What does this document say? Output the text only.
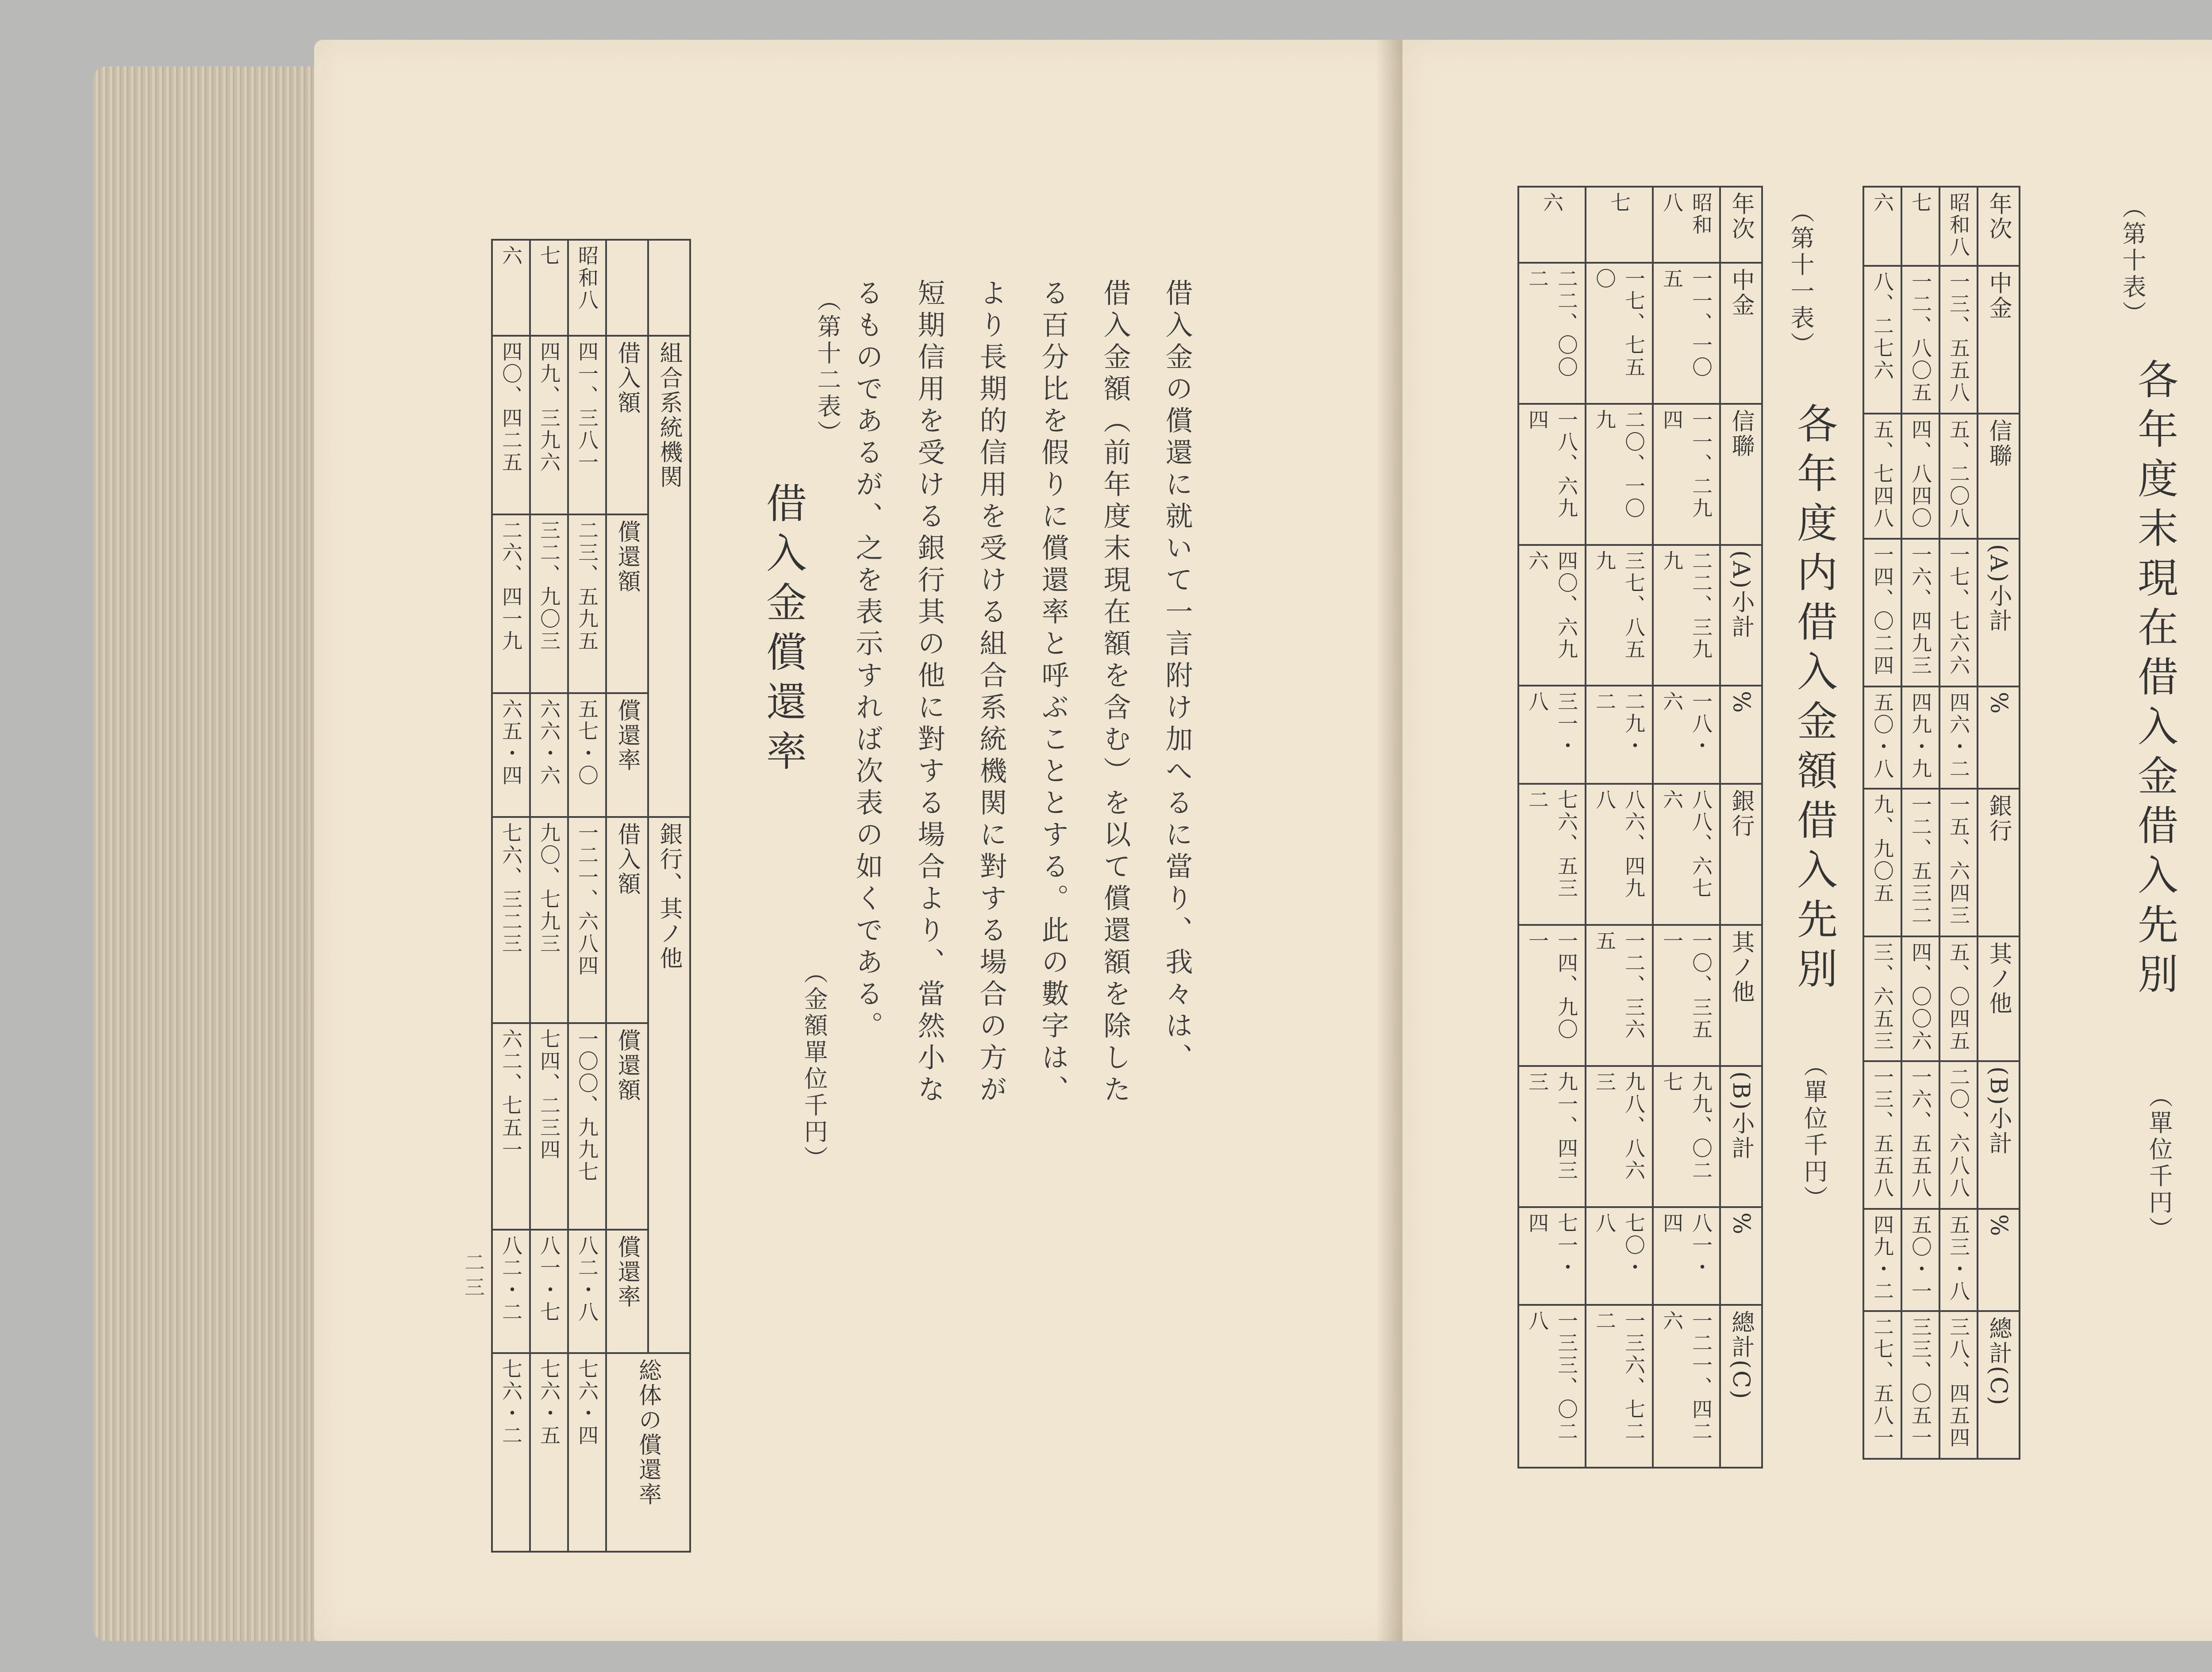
借入金の償還に就いて一言附け加へるに當り、我々は、
借入金額（前年度末現在額を含む）を以て償還額を除した
る百分比を假りに償還率と呼ぶこととする。此の數字は、
より長期的信用を受ける組合系統機関に對する場合の方が
短期信用を受ける銀行其の他に對する場合より、當然小な
るものであるが、之を表示すれば次表の如くである。
（第十二表）
借入金償還率
（金額單位千円）
	組合系統機関	銀行、其ノ他	総体の償還率
	借入額	償還額	償還率	借入額	償還額	償還率
昭和八	四一、三八一	二三、五九五	五七・〇	一二一、六八四	一〇〇、九九七	八二・八	七六・四
七	四九、三九六	三二、九〇三	六六・六	九〇、七九三	七四、二三四	八一・七	七六・五
六	四〇、四二五	二六、四一九	六五・四	七六、三二三	六二、七五一	八二・二	七六・二
二三
（第十表）
各年度末現在借入金借入先別
（單位千円）
年次	中金	信聯	(A)小計	%	銀行	其ノ他	(B)小計	%	總計(C)
昭和八	一三、五五八	五、二〇八	一七、七六六	四六・二	一五、六四三	五、〇四五	二〇、六八八	五三・八	三八、四五四
七	一二、八〇五	四、八四〇	一六、四九三	四九・九	一二、五三二	四、〇〇六	一六、五五八	五〇・一	三三、〇五一
六	八、二七六	五、七四八	一四、〇二四	五〇・八	九、九〇五	三、六五三	一三、五五八	四九・二	二七、五八一
（第十一表）
各年度内借入金額借入先別
（單位千円）
年次	中金	信聯	(A)小計	%	銀行	其ノ他	(B)小計	%	總計(C)
昭和八	一一、一〇五	一一、二九四	二二、三九九	一八・六	八八、六七六	一〇、三五一	九九、〇二七	八一・四	一二一、四二六
七	一七、七五〇	二〇、一〇九	三七、八五九	二九・二	八六、四九八	一二、三六五	九八、八六三	七〇・八	一三六、七二二
六	二二、〇〇二	一八、六九四	四〇、六九六	三一・八	七六、五三二	一四、九〇一	九一、四三三	七一・四	一三三、〇二八
